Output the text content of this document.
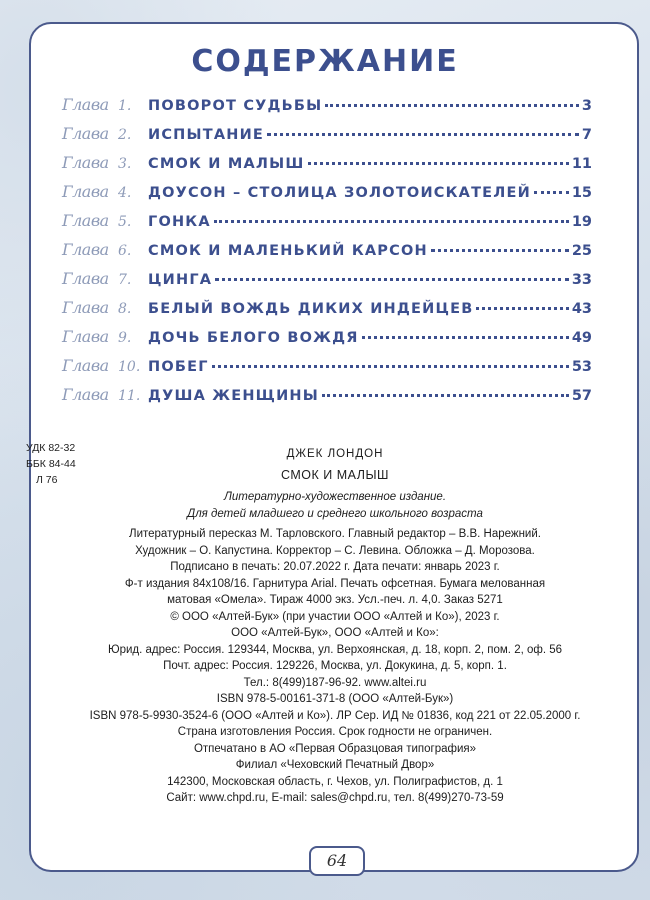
СОДЕРЖАНИЕ
Глава 1.	ПОВОРОТ СУДЬБЫ	3
Глава 2.	ИСПЫТАНИЕ	7
Глава 3.	СМОК И МАЛЫШ	11
Глава 4.	ДОУСОН – СТОЛИЦА ЗОЛОТОИСКАТЕЛЕЙ	15
Глава 5.	ГОНКА	19
Глава 6.	СМОК И МАЛЕНЬКИЙ КАРСОН	25
Глава 7.	ЦИНГА	33
Глава 8.	БЕЛЫЙ ВОЖДЬ ДИКИХ ИНДЕЙЦЕВ	43
Глава 9.	ДОЧЬ БЕЛОГО ВОЖДЯ	49
Глава 10. ПОБЕГ	53
Глава 11. ДУША ЖЕНЩИНЫ	57
УДК 82-32
ББК 84-44
Л 76
ДЖЕК ЛОНДОН
СМОК И МАЛЫШ
Литературно-художественное издание.
Для детей младшего и среднего школьного возраста
Литературный пересказ М. Тарловского. Главный редактор – В.В. Нарежний.
Художник – О. Капустина. Корректор – С. Левина. Обложка – Д. Морозова.
Подписано в печать: 20.07.2022 г. Дата печати: январь 2023 г.
Ф-т издания 84х108/16. Гарнитура Arial. Печать офсетная. Бумага мелованная
матовая «Омела». Тираж 4000 экз. Усл.-печ. л. 4,0. Заказ 5271
© ООО «Алтей-Бук» (при участии ООО «Алтей и Ко»), 2023 г.
ООО «Алтей-Бук», ООО «Алтей и Ко»:
Юрид. адрес: Россия. 129344, Москва, ул. Верхоянская, д. 18, корп. 2, пом. 2, оф. 56
Почт. адрес: Россия. 129226, Москва, ул. Докукина, д. 5, корп. 1.
Тел.: 8(499)187-96-92. www.altei.ru
ISBN 978-5-00161-371-8 (ООО «Алтей-Бук»)
ISBN 978-5-9930-3524-6 (ООО «Алтей и Ко»). ЛР Сер. ИД № 01836, код 221 от 22.05.2000 г.
Страна изготовления Россия. Срок годности не ограничен.
Отпечатано в АО «Первая Образцовая типография»
Филиал «Чеховский Печатный Двор»
142300, Московская область, г. Чехов, ул. Полиграфистов, д. 1
Сайт: www.chpd.ru, E-mail: sales@chpd.ru, тел. 8(499)270-73-59
64
